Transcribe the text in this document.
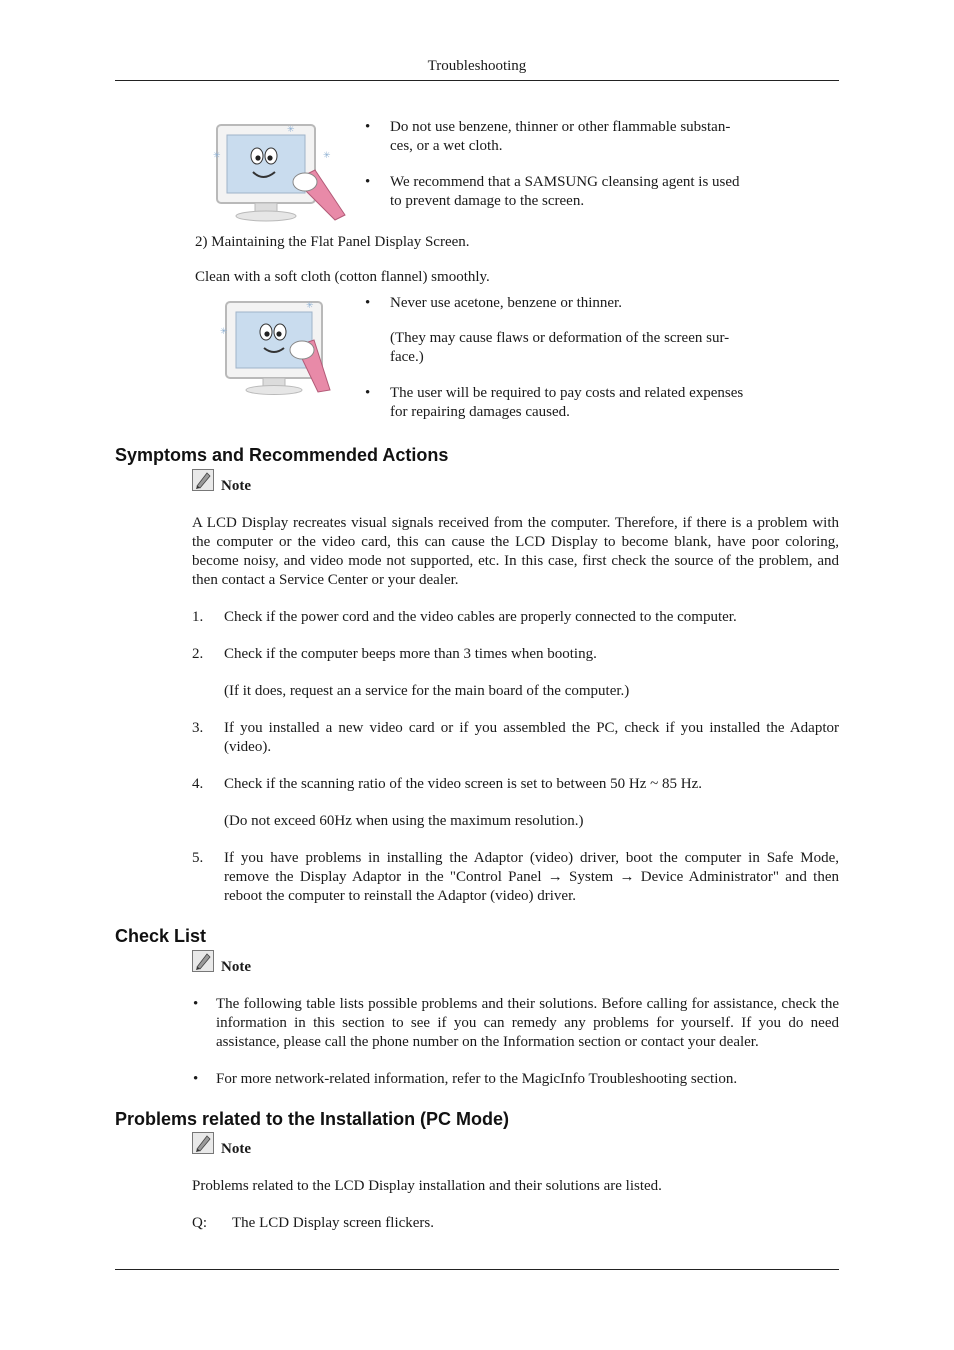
Troubleshooting
✳
✳
✳
•	Do not use benzene, thinner or other flammable substan-
ces, or a wet cloth.
•	We recommend that a SAMSUNG cleansing agent is used
to prevent damage to the screen.
2) Maintaining the Flat Panel Display Screen.
Clean with a soft cloth (cotton flannel) smoothly.
✳
✳	•	Never use acetone, benzene or thinner.
(They may cause flaws or deformation of the screen sur-
face.)
•	The user will be required to pay costs and related expenses
for repairing damages caused.
Symptoms and Recommended Actions
Note
A LCD Display recreates visual signals received from the computer. Therefore, if there is a problem with the computer or the video card, this can cause the LCD Display to become blank, have poor coloring, become noisy, and video mode not supported, etc. In this case, first check the source of the problem, and then contact a Service Center or your dealer.
1. Check if the power cord and the video cables are properly connected to the computer.
2. Check if the computer beeps more than 3 times when booting.
(If it does, request an a service for the main board of the computer.)
3. If you installed a new video card or if you assembled the PC, check if you installed the Adaptor (video).
4. Check if the scanning ratio of the video screen is set to between 50 Hz ~ 85 Hz.
(Do not exceed 60Hz when using the maximum resolution.)
5. If you have problems in installing the Adaptor (video) driver, boot the computer in Safe Mode, remove the Display Adaptor in the "Control Panel → System → Device Administrator" and then reboot the computer to reinstall the Adaptor (video) driver.
Check List
Note
•	The following table lists possible problems and their solutions. Before calling for assistance, check the information in this section to see if you can remedy any problems for yourself. If you do need assistance, please call the phone number on the Information section or contact your dealer.
•	For more network-related information, refer to the MagicInfo Troubleshooting section.
Problems related to the Installation (PC Mode)
Note
Problems related to the LCD Display installation and their solutions are listed.
Q: The LCD Display screen flickers.
